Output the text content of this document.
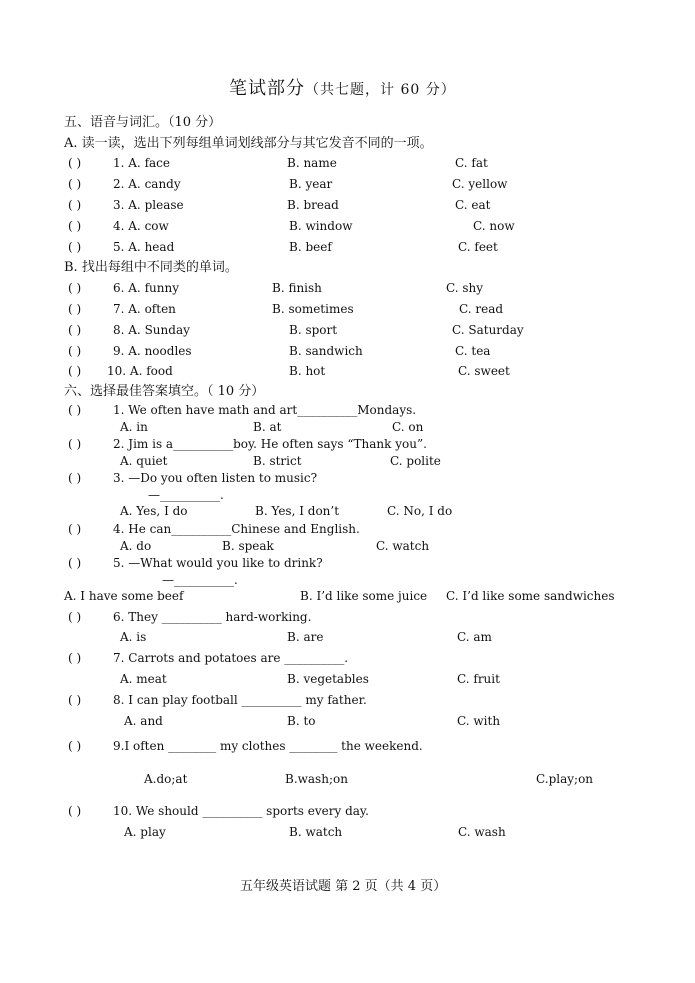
笔试部分（共七题，计 60 分）
五、语音与词汇。（10 分）
A. 读一读，选出下列每组单词划线部分与其它发音不同的一项。
( )	1. A. face	B. name	C. fat
( )	2. A. candy	B. year	C. yellow
( )	3. A. please	B. bread	C. eat
( )	4. A. cow	B. window	C. now
( )	5. A. head	B. beef	C. feet
B. 找出每组中不同类的单词。
( )	6. A. funny	B. finish	C. shy
( )	7. A. often	B. sometimes	C. read
( )	8. A. Sunday	B. sport	C. Saturday
( )	9. A. noodles	B. sandwich	C. tea
( ) 10. A. food	B. hot	C. sweet
六、选择最佳答案填空。（ 10 分）
( )	1. We often have math and art__________Mondays.
A. in	B. at	C. on
( )	2. Jim is a__________boy. He often says “Thank you”.
A. quiet	B. strict	C. polite
( )	3. —Do you often listen to music?
—__________.
A. Yes, I do	B. Yes, I don’t	C. No, I do
( )	4. He can__________Chinese and English.
A. do	B. speak	C. watch
( )	5. —What would you like to drink?
—__________.
A. I have some beef	B. I’d like some juice C. I’d like some sandwiches
( )	6. They __________ hard-working.
A. is	B. are	C. am
( )	7. Carrots and potatoes are __________.
A. meat	B. vegetables	C. fruit
( )	8. I can play football __________ my father.
A. and	B. to	C. with
( )	9.I often ________ my clothes ________ the weekend.
A.do;at	B.wash;on	C.play;on
( )	10. We should __________ sports every day.
A. play	B. watch	C. wash
五年级英语试题 第 2 页（共 4 页）
